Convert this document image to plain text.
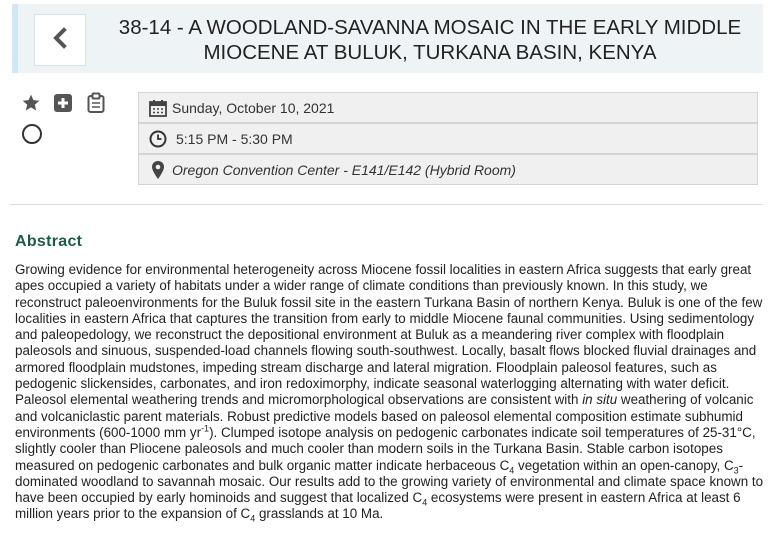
38-14 - A WOODLAND-SAVANNA MOSAIC IN THE EARLY MIDDLE MIOCENE AT BULUK, TURKANA BASIN, KENYA
Sunday, October 10, 2021
5:15 PM - 5:30 PM
Oregon Convention Center - E141/E142 (Hybrid Room)
Abstract
Growing evidence for environmental heterogeneity across Miocene fossil localities in eastern Africa suggests that early great apes occupied a variety of habitats under a wider range of climate conditions than previously known. In this study, we reconstruct paleoenvironments for the Buluk fossil site in the eastern Turkana Basin of northern Kenya. Buluk is one of the few localities in eastern Africa that captures the transition from early to middle Miocene faunal communities. Using sedimentology and paleopedology, we reconstruct the depositional environment at Buluk as a meandering river complex with floodplain paleosols and sinuous, suspended-load channels flowing south-southwest. Locally, basalt flows blocked fluvial drainages and armored floodplain mudstones, impeding stream discharge and lateral migration. Floodplain paleosol features, such as pedogenic slickensides, carbonates, and iron redoximorphy, indicate seasonal waterlogging alternating with water deficit. Paleosol elemental weathering trends and micromorphological observations are consistent with in situ weathering of volcanic and volcaniclastic parent materials. Robust predictive models based on paleosol elemental composition estimate subhumid environments (600-1000 mm $yr^{-1}$). Clumped isotope analysis on pedogenic carbonates indicate soil temperatures of 25-31°C, slightly cooler than Pliocene paleosols and much cooler than modern soils in the Turkana Basin. Stable carbon isotopes measured on pedogenic carbonates and bulk organic matter indicate herbaceous $C_4$ vegetation within an open-canopy, $C_3$-dominated woodland to savannah mosaic. Our results add to the growing variety of environmental and climate space known to have been occupied by early hominoids and suggest that localized $C_4$ ecosystems were present in eastern Africa at least 6 million years prior to the expansion of $C_4$ grasslands at 10 Ma.
